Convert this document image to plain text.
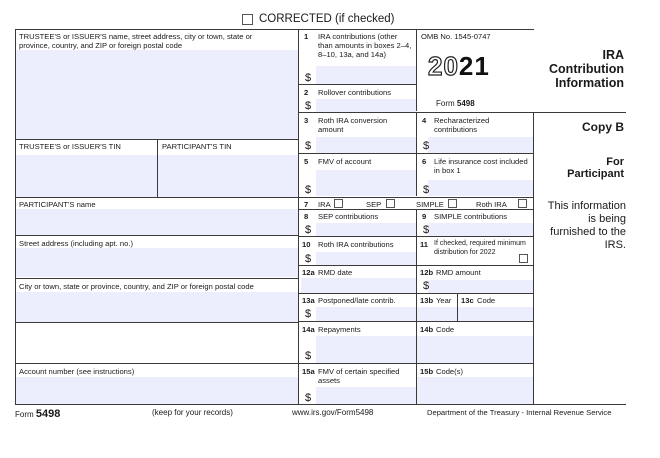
CORRECTED (if checked)
TRUSTEE'S or ISSUER'S name, street address, city or town, state or province, country, and ZIP or foreign postal code
TRUSTEE'S or ISSUER'S TIN	PARTICIPANT'S TIN
PARTICIPANT'S name
Street address (including apt. no.)
City or town, state or province, country, and ZIP or foreign postal code
Account number (see instructions)
1 IRA contributions (other than amounts in boxes 2–4, 8–10, 13a, and 14a)
$
2 Rollover contributions
$
3 Roth IRA conversion amount
$
4 Recharacterized contributions
$
5 FMV of account
$
6 Life insurance cost included in box 1
$
7 IRA	SEP	SIMPLE	Roth IRA
8 SEP contributions
$
9 SIMPLE contributions
$
10 Roth IRA contributions
$
11 If checked, required minimum distribution for 2022
12a RMD date	12b RMD amount
$
13a Postponed/late contrib.
$
13b Year 13c Code
14a Repayments
$
14b Code
15a FMV of certain specified assets
$
15b Code(s)
OMB No. 1545-0747
2021
Form 5498
IRA
Contribution
Information
Copy B
For
Participant
This information is being furnished to the IRS.
Form 5498	(keep for your records)	www.irs.gov/Form5498	Department of the Treasury - Internal Revenue Service
